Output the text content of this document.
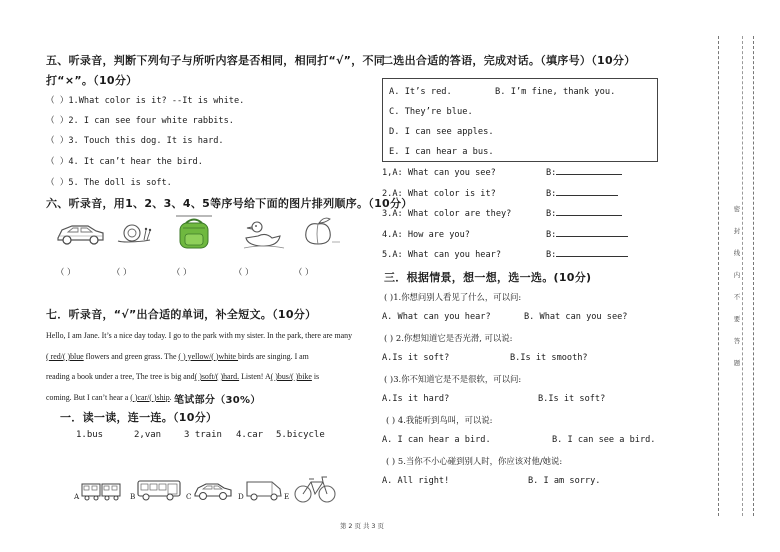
五、听录音，判断下列句子与所听内容是否相同，相同打“√”，不同
打“×”。（10分）
（ ）1.What color is it? --It is white.
（ ）2. I can see four white rabbits.
（ ）3. Touch this dog. It is hard.
（ ）4. It can’t hear the bird.
（ ）5. The doll is soft.
六、听录音，用1、2、3、4、5等序号给下面的图片排列顺序。（10分）
（ ）	（ ）	（ ）	（ ）	（ ）
七．听录音，“√”出合适的单词，补全短文。（10分）
Hello, I am Jane. It’s a nice day today. I go to the park with my sister. In the park, there are many
( red/( )blue flowers and green grass. The ( ) yellow/( )white birds are singing. I am
reading a book under a tree, The tree is big and( )soft/( )hard. Listen! A( )bus/( )bike is
coming. But I can’t hear a ( )car/( )ship. 笔试部分（30%）
一．读一读，连一连。（10分）
1.bus	2,van	3 train 4.car 5.bicycle
A	B	C	D	E
二选出合适的答语，完成对话。（填序号）（10分）
A. It’s red.	B. I’m fine, thank you.
C. They’re blue.
D. I can see apples.
E. I can hear a bus.
1,A: What can you see?	B:
2.A: What color is it?	B:
3.A: What color are they?	B:
4.A: How are you?	B:
5.A: What can you hear?	B:
三．根据情景，想一想，选一选。(10分)
( )1.你想问别人看见了什么，可以问:
A. What can you hear?	B. What can you see?
( ) 2.你想知道它是否光滑, 可以说:
A.Is it soft?	B.Is it smooth?
( )3.你不知道它是不是很软，可以问:
A.Is it hard?	B.Is it soft?
( ) 4.我能听到鸟叫，可以说:
A. I can hear a bird.	B. I can see a bird.
( ) 5.当你不小心碰到别人时，你应该对他/她说:
A. All right!	B. I am sorry.
第 2 页 共 3 页
密
封
线
内
不
要
答
题
